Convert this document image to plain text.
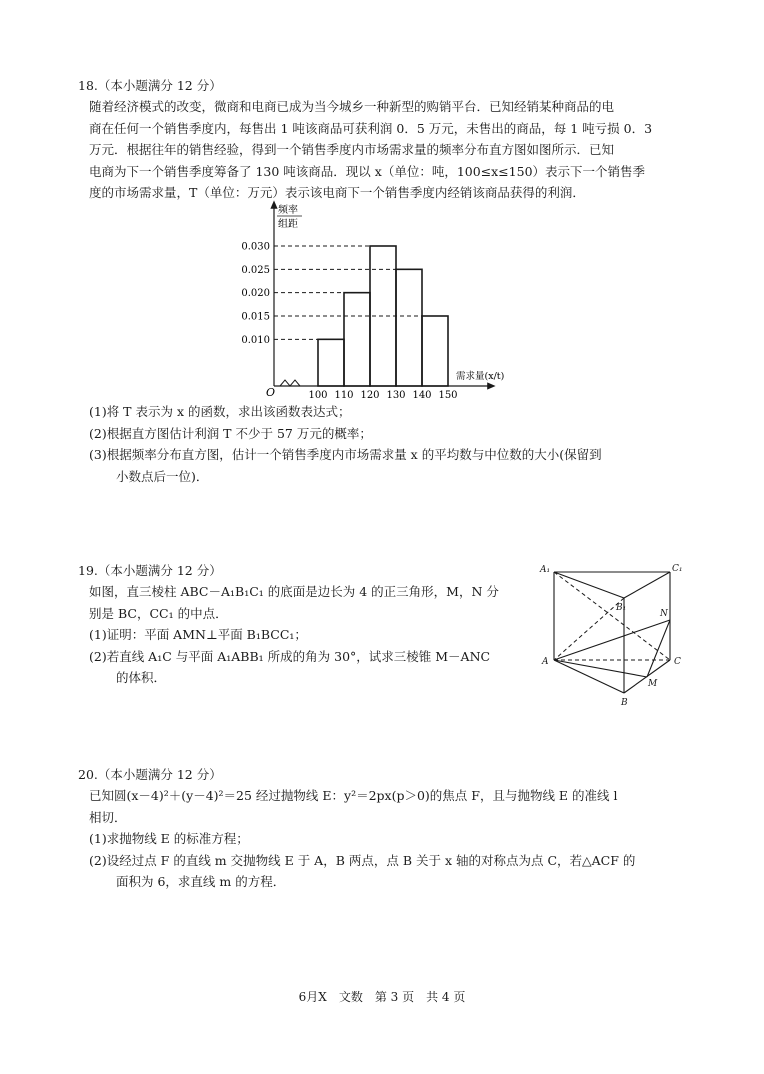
18.（本小题满分 12 分）
随着经济模式的改变，微商和电商已成为当今城乡一种新型的购销平台．已知经销某种商品的电
商在任何一个销售季度内，每售出 1 吨该商品可获利润 0．5 万元，未售出的商品，每 1 吨亏损 0．3
万元．根据往年的销售经验，得到一个销售季度内市场需求量的频率分布直方图如图所示．已知
电商为下一个销售季度筹备了 130 吨该商品．现以 x（单位：吨，100≤x≤150）表示下一个销售季
度的市场需求量，T（单位：万元）表示该电商下一个销售季度内经销该商品获得的利润．
频率
组距
O
需求量(x/t)
0.010
0.015
0.020
0.025
0.030
100 110 120 130 140 150
(1)将 T 表示为 x 的函数，求出该函数表达式；
(2)根据直方图估计利润 T 不少于 57 万元的概率；
(3)根据频率分布直方图，估计一个销售季度内市场需求量 x 的平均数与中位数的大小(保留到
小数点后一位)．
19.（本小题满分 12 分）
如图，直三棱柱 ABC－A₁B₁C₁ 的底面是边长为 4 的正三角形，M，N 分
别是 BC，CC₁ 的中点．
(1)证明：平面 AMN⊥平面 B₁BCC₁；
(2)若直线 A₁C 与平面 A₁ABB₁ 所成的角为 30°，试求三棱锥 M－ANC
的体积．
A₁	C₁
B₁
N
A	C
M
B
20.（本小题满分 12 分）
已知圆(x－4)²＋(y－4)²＝25 经过抛物线 E：y²＝2px(p＞0)的焦点 F，且与抛物线 E 的准线 l
相切．
(1)求抛物线 E 的标准方程；
(2)设经过点 F 的直线 m 交抛物线 E 于 A，B 两点，点 B 关于 x 轴的对称点为点 C，若△ACF 的
面积为 6，求直线 m 的方程．
6月X　文数　第 3 页　共 4 页
